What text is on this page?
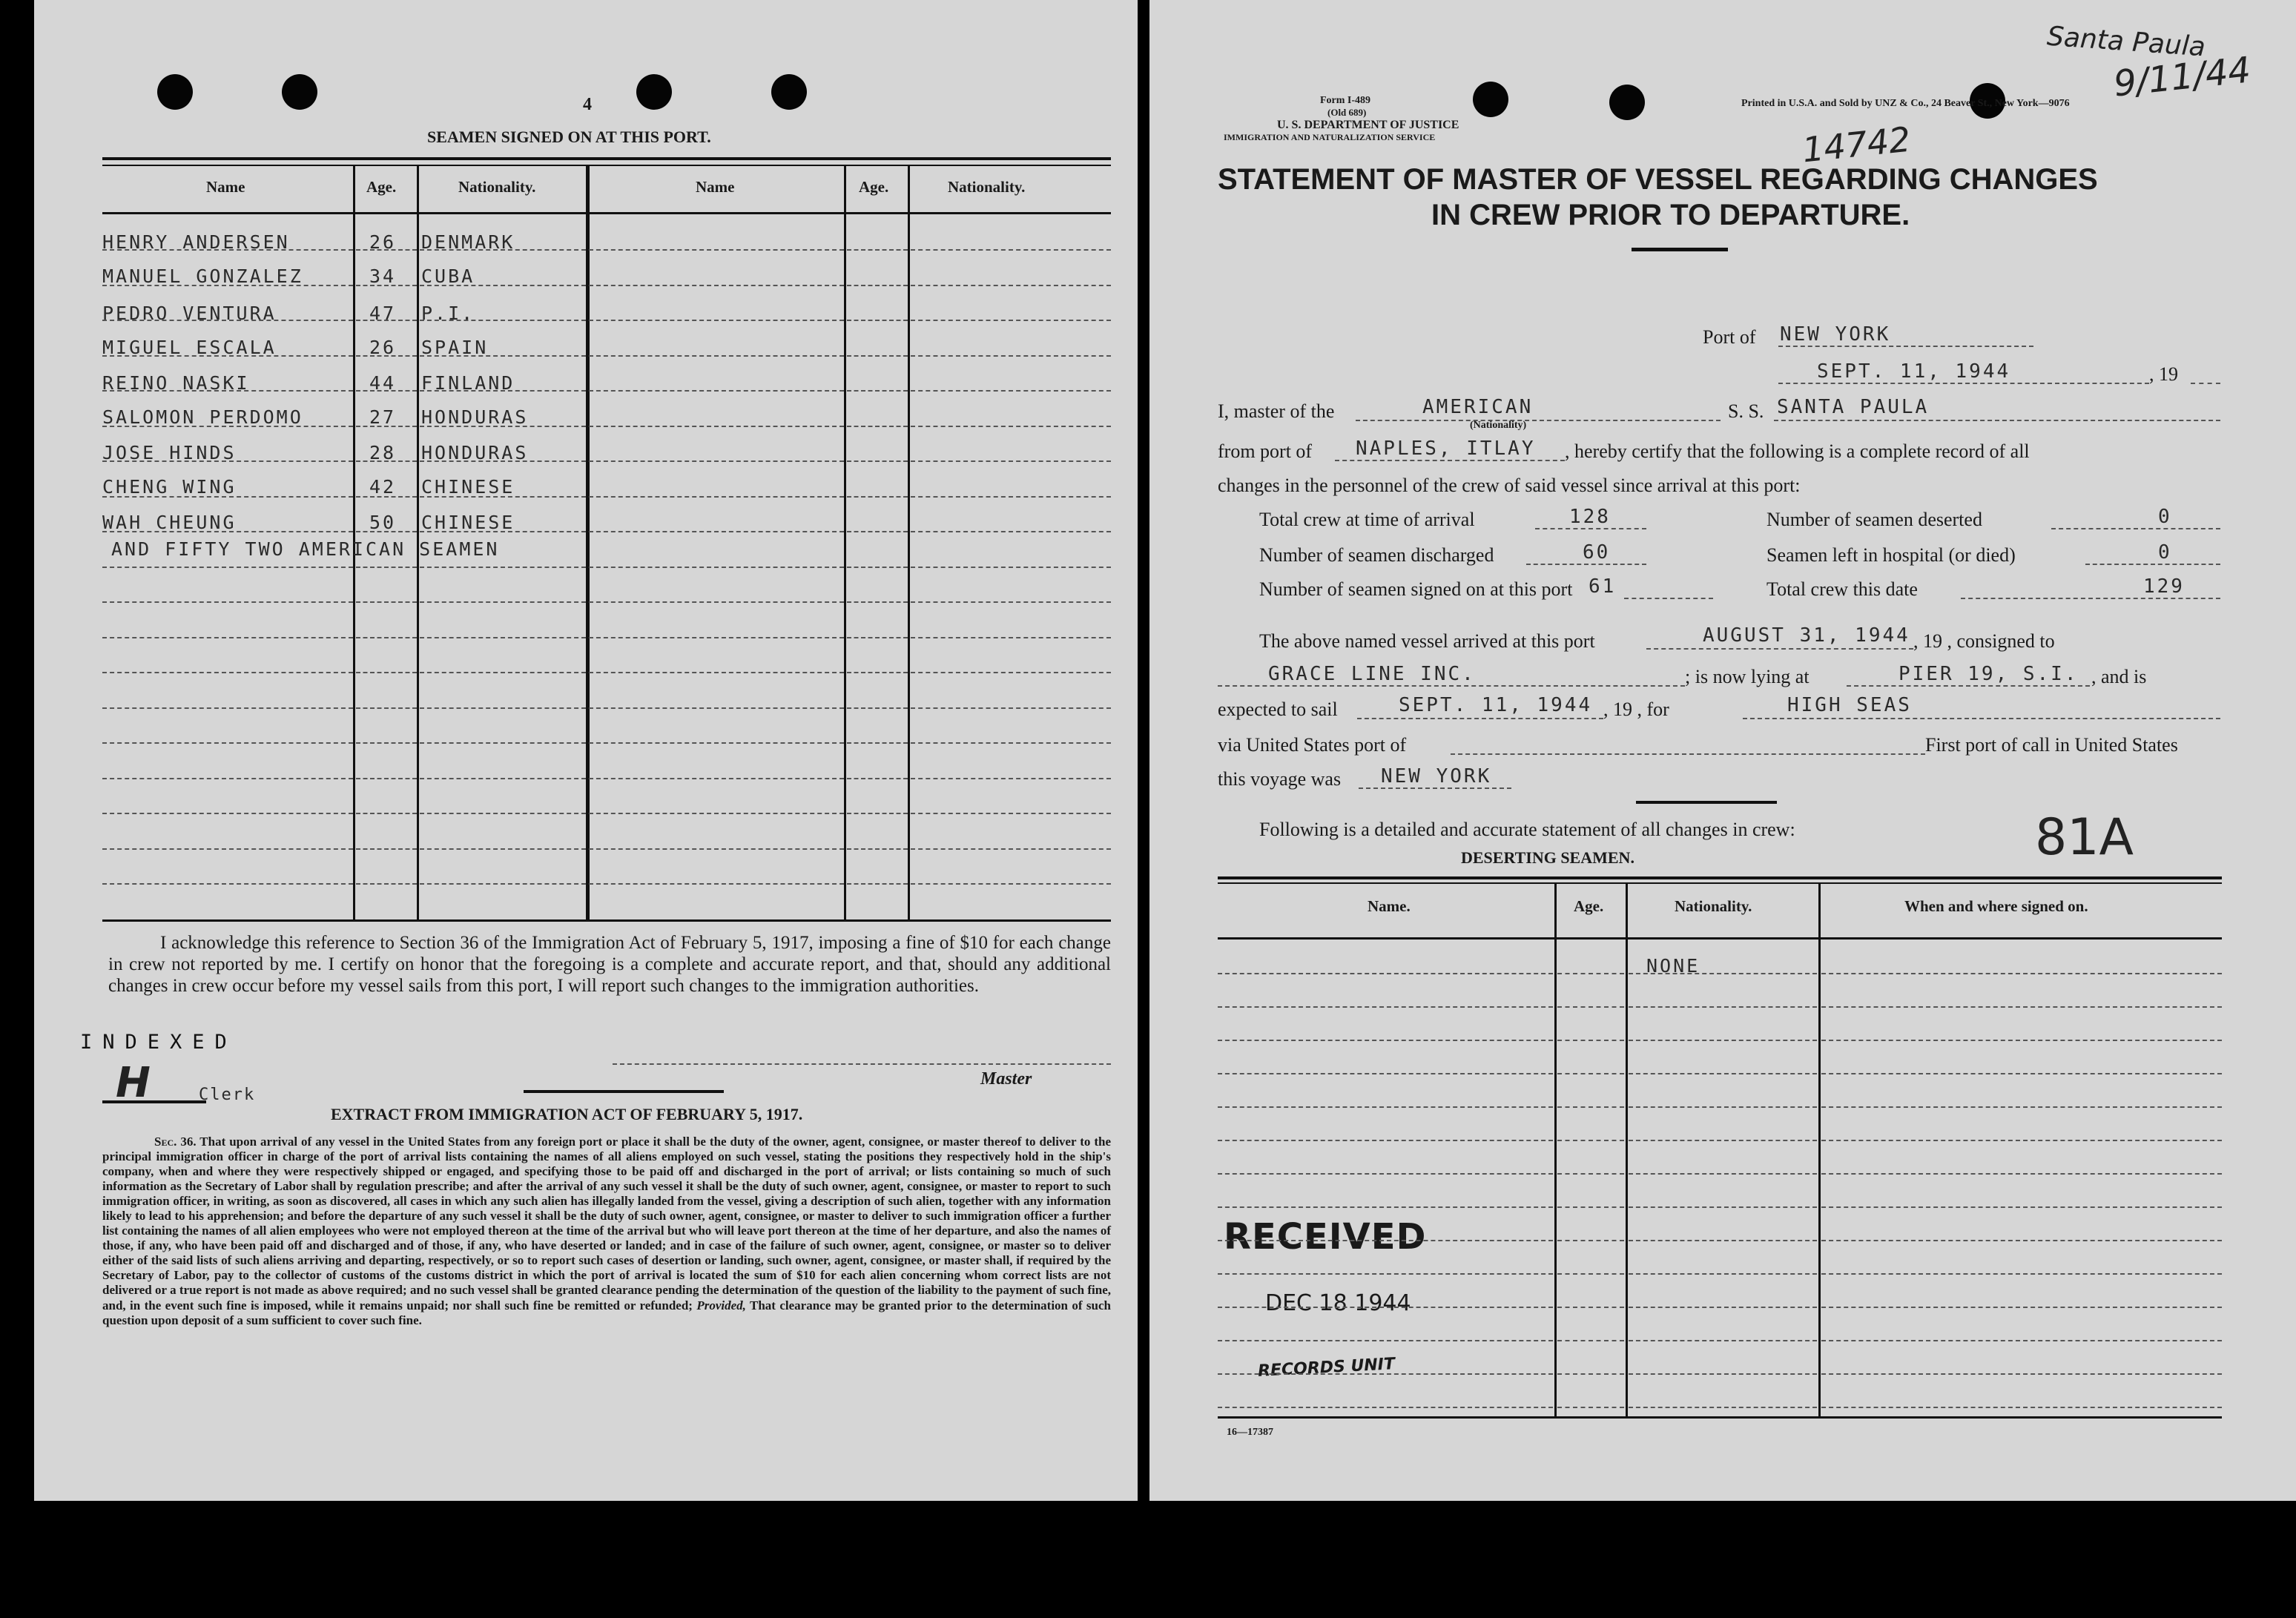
4
SEAMEN SIGNED ON AT THIS PORT.
Name	Age.	Nationality.	Name	Age.	Nationality.
HENRY ANDERSEN	26 DENMARK
MANUEL GONZALEZ	34 CUBA
PEDRO VENTURA	47 P.I.
MIGUEL ESCALA	26 SPAIN
REINO NASKI	44 FINLAND
SALOMON PERDOMO	27 HONDURAS
JOSE HINDS	28 HONDURAS
CHENG WING	42 CHINESE
WAH CHEUNG	50 CHINESE
AND FIFTY TWO AMERICAN SEAMEN
I acknowledge this reference to Section 36 of the Immigration Act of February 5, 1917, imposing a fine of $10 for each change in crew not reported by me. I certify on honor that the foregoing is a complete and accurate report, and that, should any additional changes in crew occur before my vessel sails from this port, I will report such changes to the immigration authorities.
INDEXED
H	Clerk
Master
EXTRACT FROM IMMIGRATION ACT OF FEBRUARY 5, 1917.
Sec. 36. That upon arrival of any vessel in the United States from any foreign port or place it shall be the duty of the owner, agent, consignee, or master thereof to deliver to the principal immigration officer in charge of the port of arrival lists containing the names of all aliens employed on such vessel, stating the positions they respectively hold in the ship's company, when and where they were respectively shipped or engaged, and specifying those to be paid off and discharged in the port of arrival; or lists containing so much of such information as the Secretary of Labor shall by regulation prescribe; and after the arrival of any such vessel it shall be the duty of such owner, agent, consignee, or master to report to such immigration officer, in writing, as soon as discovered, all cases in which any such alien has illegally landed from the vessel, giving a description of such alien, together with any information likely to lead to his apprehension; and before the departure of any such vessel it shall be the duty of such owner, agent, consignee, or master to deliver to such immigration officer a further list containing the names of all alien employees who were not employed thereon at the time of the arrival but who will leave port thereon at the time of her departure, and also the names of those, if any, who have been paid off and discharged and of those, if any, who have deserted or landed; and in case of the failure of such owner, agent, consignee, or master so to deliver either of the said lists of such aliens arriving and departing, respectively, or so to report such cases of desertion or landing, such owner, agent, consignee, or master shall, if required by the Secretary of Labor, pay to the collector of customs of the customs district in which the port of arrival is located the sum of $10 for each alien concerning whom correct lists are not delivered or a true report is not made as above required; and no such vessel shall be granted clearance pending the determination of the question of the liability to the payment of such fine, and, in the event such fine is imposed, while it remains unpaid; nor shall such fine be remitted or refunded; Provided, That clearance may be granted prior to the determination of such question upon deposit of a sum sufficient to cover such fine.
Form I-489
(Old 689)
U. S. DEPARTMENT OF JUSTICE
IMMIGRATION AND NATURALIZATION SERVICE
Printed in U.S.A. and Sold by UNZ & Co., 24 Beaver St., New York—9076
Santa Paula
9/11/44
14742
STATEMENT OF MASTER OF VESSEL REGARDING CHANGES
IN CREW PRIOR TO DEPARTURE.
Port of NEW YORK
SEPT. 11, 1944	, 19
I, master of the	AMERICAN
(Nationality)
S. S. SANTA PAULA
from port of NAPLES, ITLAY , hereby certify that the following is a complete record of all
changes in the personnel of the crew of said vessel since arrival at this port:
Total crew at time of arrival	128
Number of seamen discharged	60
Number of seamen signed on at this port 61
Number of seamen deserted	0
Seamen left in hospital (or died)	0
Total crew this date	129
The above named vessel arrived at this port	AUGUST 31, 1944 , 19 , consigned to
GRACE LINE INC.	; is now lying at	PIER 19, S.I. , and is
expected to sail	SEPT. 11, 1944 , 19 , for	HIGH SEAS
via United States port of	First port of call in United States
this voyage was NEW YORK
Following is a detailed and accurate statement of all changes in crew:
DESERTING SEAMEN.	81A
Name.	Age.	Nationality.	When and where signed on.
NONE
RECEIVED
DEC 18 1944
RECORDS UNIT
16—17387
